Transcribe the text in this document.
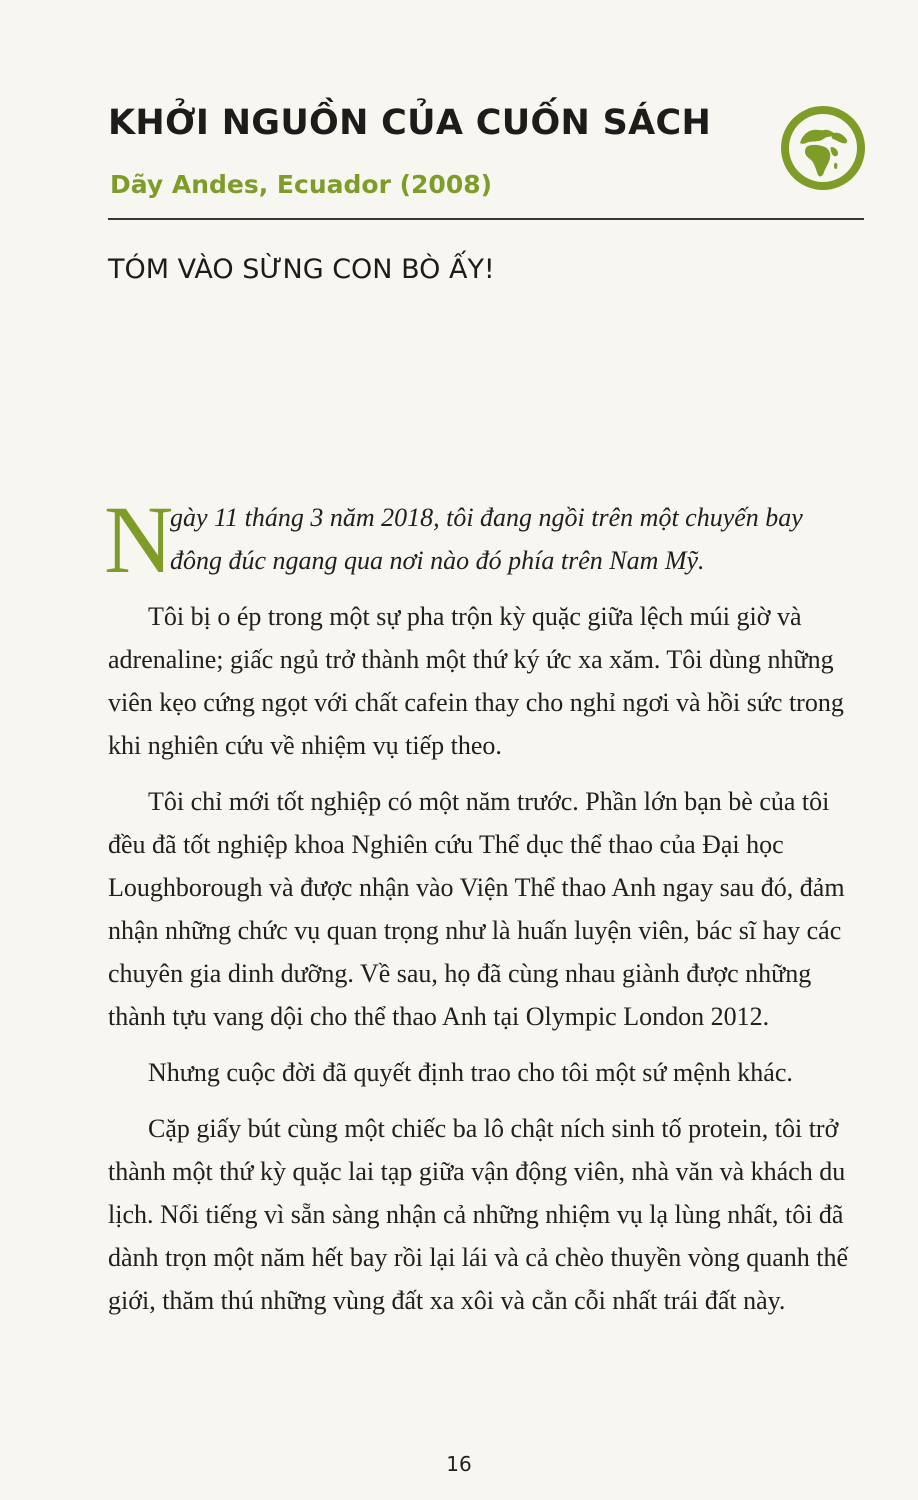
KHỞI NGUỒN CỦA CUỐN SÁCH
Dãy Andes, Ecuador (2008)
TÓM VÀO SỪNG CON BÒ ẤY!
N

gày 11 tháng 3 năm 2018, tôi đang ngồi trên một chuyến bay đông đúc ngang qua nơi nào đó phía trên Nam Mỹ.

Tôi bị o ép trong một sự pha trộn kỳ quặc giữa lệch múi giờ và adrenaline; giấc ngủ trở thành một thứ ký ức xa xăm. Tôi dùng những viên kẹo cứng ngọt với chất cafein thay cho nghỉ ngơi và hồi sức trong khi nghiên cứu về nhiệm vụ tiếp theo.

Tôi chỉ mới tốt nghiệp có một năm trước. Phần lớn bạn bè của tôi đều đã tốt nghiệp khoa Nghiên cứu Thể dục thể thao của Đại học Loughborough và được nhận vào Viện Thể thao Anh ngay sau đó, đảm nhận những chức vụ quan trọng như là huấn luyện viên, bác sĩ hay các chuyên gia dinh dưỡng. Về sau, họ đã cùng nhau giành được những thành tựu vang dội cho thể thao Anh tại Olympic London 2012.

Nhưng cuộc đời đã quyết định trao cho tôi một sứ mệnh khác.

Cặp giấy bút cùng một chiếc ba lô chật ních sinh tố protein, tôi trở thành một thứ kỳ quặc lai tạp giữa vận động viên, nhà văn và khách du lịch. Nổi tiếng vì sẵn sàng nhận cả những nhiệm vụ lạ lùng nhất, tôi đã dành trọn một năm hết bay rồi lại lái và cả chèo thuyền vòng quanh thế giới, thăm thú những vùng đất xa xôi và cằn cỗi nhất trái đất này.

16
